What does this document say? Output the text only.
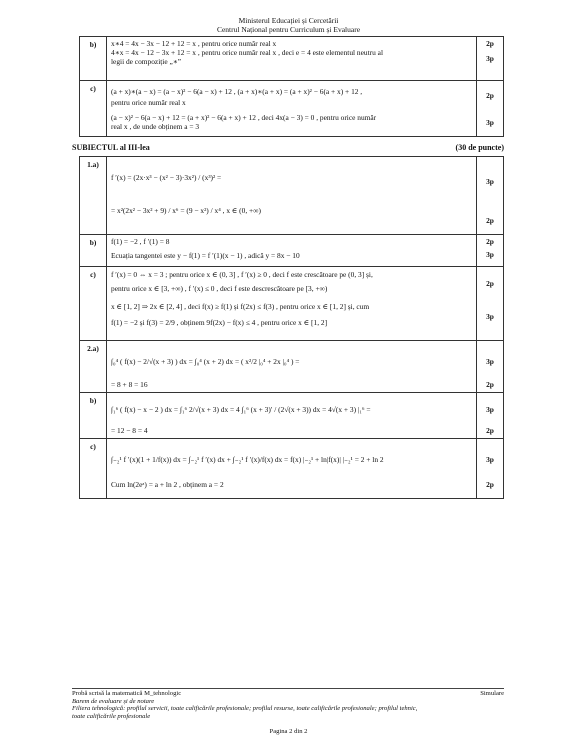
Ministerul Educației și Cercetării
Centrul Național pentru Curriculum și Evaluare
b)	x∗4 = 4x − 3x − 12 + 12 = x , pentru orice număr real x
4∗x = 4x − 12 − 3x + 12 = x , pentru orice număr real x , deci e = 4 este elementul neutru al
legii de compoziție „∗”	2p
3p

c)	(a + x)∗(a − x) = (a − x)² − 6(a − x) + 12 , (a + x)∗(a + x) = (a + x)² − 6(a + x) + 12 ,
pentru orice număr real x
(a − x)² − 6(a − x) + 12 = (a + x)² − 6(a + x) + 12 , deci 4x(a − 3) = 0 , pentru orice număr
real x , de unde obținem a = 3	2p
3p
SUBIECTUL al III-lea	(30 de puncte)
1.a)	f ′(x) = (2x·x³ − (x² − 3)·3x²) / (x³)² =
= x²(2x² − 3x² + 9) / x⁶ = (9 − x²) / x⁴ , x ∈ (0, +∞)	3p
2p

b)	f(1) = −2 , f ′(1) = 8
Ecuația tangentei este y − f(1) = f ′(1)(x − 1) , adică y = 8x − 10	2p
3p

c)	f ′(x) = 0 ⇔ x = 3 ; pentru orice x ∈ (0, 3] , f ′(x) ≥ 0 , deci f este crescătoare pe (0, 3] și,
pentru orice x ∈ [3, +∞) , f ′(x) ≤ 0 , deci f este descrescătoare pe [3, +∞)
x ∈ [1, 2] ⇒ 2x ∈ [2, 4] , deci f(x) ≥ f(1) și f(2x) ≤ f(3) , pentru orice x ∈ [1, 2] și, cum
f(1) = −2 și f(3) = 2/9 , obținem 9f(2x) − f(x) ≤ 4 , pentru orice x ∈ [1, 2]	2p
3p

2.a)	∫₀⁴ ( f(x) − 2/√(x + 3) ) dx = ∫₀⁴ (x + 2) dx = ( x²/2 |₀⁴ + 2x |₀⁴ ) =
= 8 + 8 = 16	3p
2p

b)	∫₁⁶ ( f(x) − x − 2 ) dx = ∫₁⁶ 2/√(x + 3) dx = 4 ∫₁⁶ (x + 3)′ / (2√(x + 3)) dx = 4√(x + 3) |₁⁶ =
= 12 − 8 = 4	3p
2p

c)	∫₋₂¹ f ′(x)(1 + 1/f(x)) dx = ∫₋₂¹ f ′(x) dx + ∫₋₂¹ f ′(x)/f(x) dx = f(x) |₋₂¹ + ln|f(x)| |₋₂¹ = 2 + ln 2
Cum ln(2eᵃ) = a + ln 2 , obținem a = 2	3p
2p
Probă scrisă la matematică M_tehnologic	Simulare
Barem de evaluare și de notare
Filiera tehnologică: profilul servicii, toate calificările profesionale; profilul resurse, toate calificările profesionale; profilul tehnic,
toate calificările profesionale
Pagina 2 din 2
